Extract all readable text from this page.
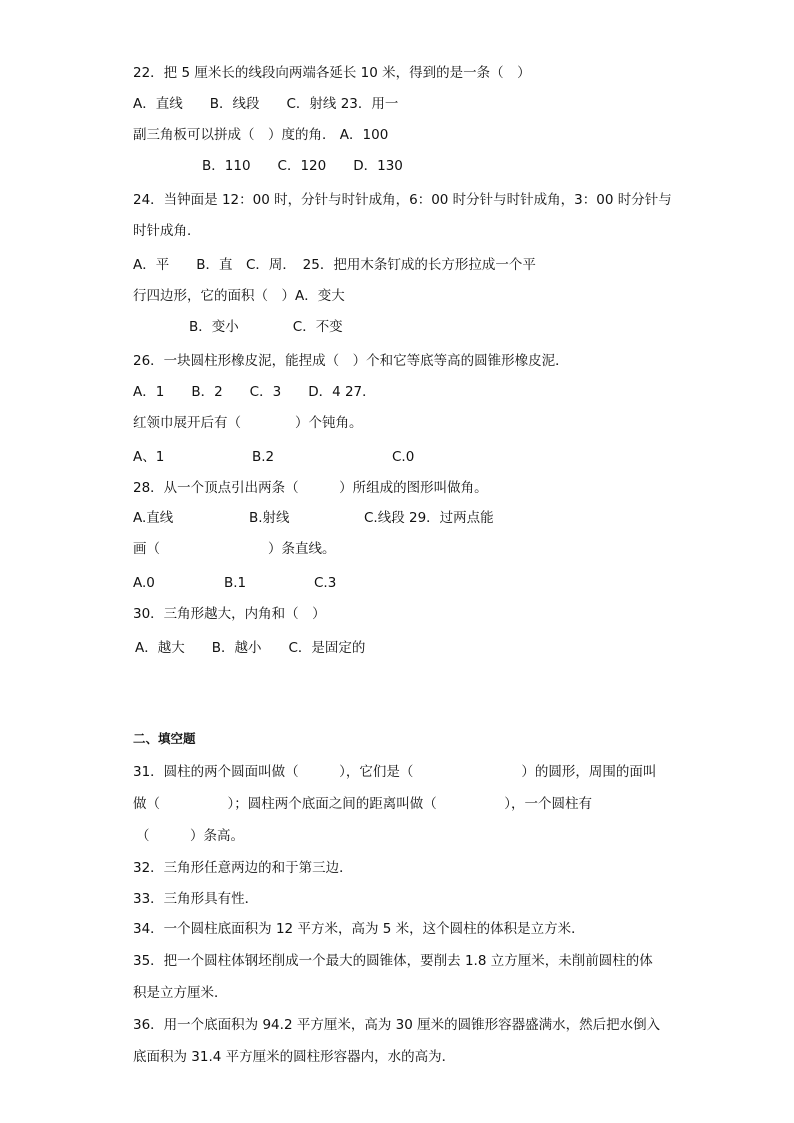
22．把 5 厘米长的线段向两端各延长 10 米，得到的是一条（　）
A．直线　　B．线段　　C．射线 23．用一
副三角板可以拼成（　）度的角． A．100
B．110　　C．120　　D．130
24．当钟面是 12：00 时，分针与时针成角，6：00 时分针与时针成角，3：00 时分针与
时针成角．
A．平　　B．直　C．周．　25．把用木条钉成的长方形拉成一个平
行四边形，它的面积（　）A．变大
B．变小　　　　C．不变
26．一块圆柱形橡皮泥，能捏成（　）个和它等底等高的圆锥形橡皮泥．
A．1　　B．2　　C．3　　D．4 27．
红领巾展开后有（　　　　）个钝角。
A、1	B.2	C.0
28．从一个顶点引出两条（　　　）所组成的图形叫做角。
A.直线	B.射线	C.线段 29．过两点能
画（　　　　　　　　）条直线。
A.0	B.1	C.3
30．三角形越大，内角和（　）
A．越大　　B．越小　　C．是固定的
二、填空题
31．圆柱的两个圆面叫做（　　　），它们是（　　　　　　　　）的圆形，周围的面叫
做（　　　　　）；圆柱两个底面之间的距离叫做（　　　　　），一个圆柱有
（　　　）条高。
32．三角形任意两边的和于第三边．
33．三角形具有性．
34．一个圆柱底面积为 12 平方米，高为 5 米，这个圆柱的体积是立方米．
35．把一个圆柱体钢坯削成一个最大的圆锥体，要削去 1.8 立方厘米，未削前圆柱的体
积是立方厘米．
36．用一个底面积为 94.2 平方厘米，高为 30 厘米的圆锥形容器盛满水，然后把水倒入
底面积为 31.4 平方厘米的圆柱形容器内，水的高为．
